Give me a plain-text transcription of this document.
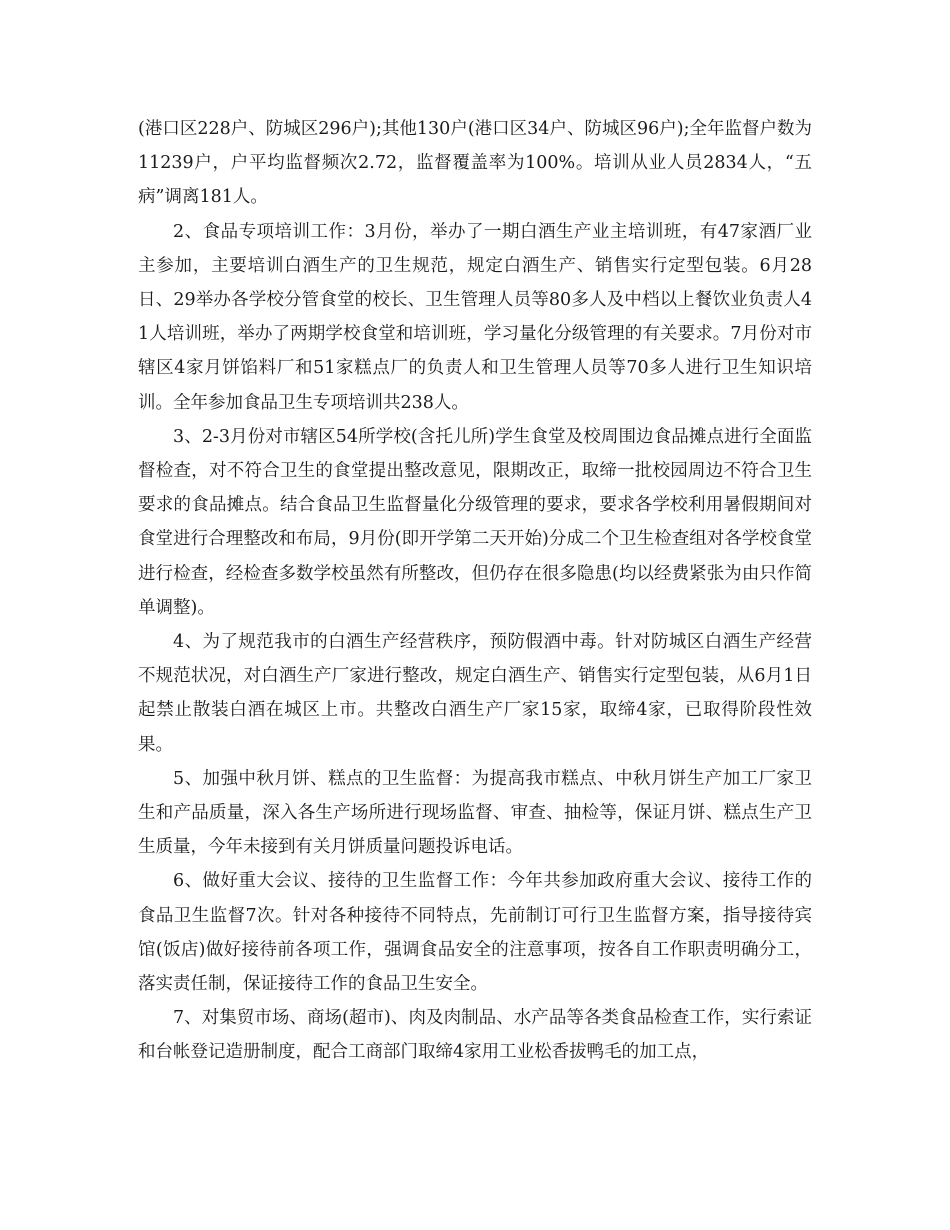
(港口区228户、防城区296户);其他130户(港口区34户、防城区96户);全年监督户数为11239户，户平均监督频次2.72，监督覆盖率为100%。培训从业人员2834人，“五病”调离181人。

2、食品专项培训工作：3月份，举办了一期白酒生产业主培训班，有47家酒厂业主参加，主要培训白酒生产的卫生规范，规定白酒生产、销售实行定型包装。6月28日、29举办各学校分管食堂的校长、卫生管理人员等80多人及中档以上餐饮业负责人41人培训班，举办了两期学校食堂和培训班，学习量化分级管理的有关要求。7月份对市辖区4家月饼馅料厂和51家糕点厂的负责人和卫生管理人员等70多人进行卫生知识培训。全年参加食品卫生专项培训共238人。

3、2-3月份对市辖区54所学校(含托儿所)学生食堂及校周围边食品摊点进行全面监督检查，对不符合卫生的食堂提出整改意见，限期改正，取缔一批校园周边不符合卫生要求的食品摊点。结合食品卫生监督量化分级管理的要求，要求各学校利用暑假期间对食堂进行合理整改和布局，9月份(即开学第二天开始)分成二个卫生检查组对各学校食堂进行检查，经检查多数学校虽然有所整改，但仍存在很多隐患(均以经费紧张为由只作简单调整)。

4、为了规范我市的白酒生产经营秩序，预防假酒中毒。针对防城区白酒生产经营不规范状况，对白酒生产厂家进行整改，规定白酒生产、销售实行定型包装，从6月1日起禁止散装白酒在城区上市。共整改白酒生产厂家15家，取缔4家，已取得阶段性效果。

5、加强中秋月饼、糕点的卫生监督：为提高我市糕点、中秋月饼生产加工厂家卫生和产品质量，深入各生产场所进行现场监督、审查、抽检等，保证月饼、糕点生产卫生质量，今年未接到有关月饼质量问题投诉电话。

6、做好重大会议、接待的卫生监督工作：今年共参加政府重大会议、接待工作的食品卫生监督7次。针对各种接待不同特点，先前制订可行卫生监督方案，指导接待宾馆(饭店)做好接待前各项工作，强调食品安全的注意事项，按各自工作职责明确分工，落实责任制，保证接待工作的食品卫生安全。

7、对集贸市场、商场(超市)、肉及肉制品、水产品等各类食品检查工作，实行索证和台帐登记造册制度，配合工商部门取缔4家用工业松香拔鸭毛的加工点，
